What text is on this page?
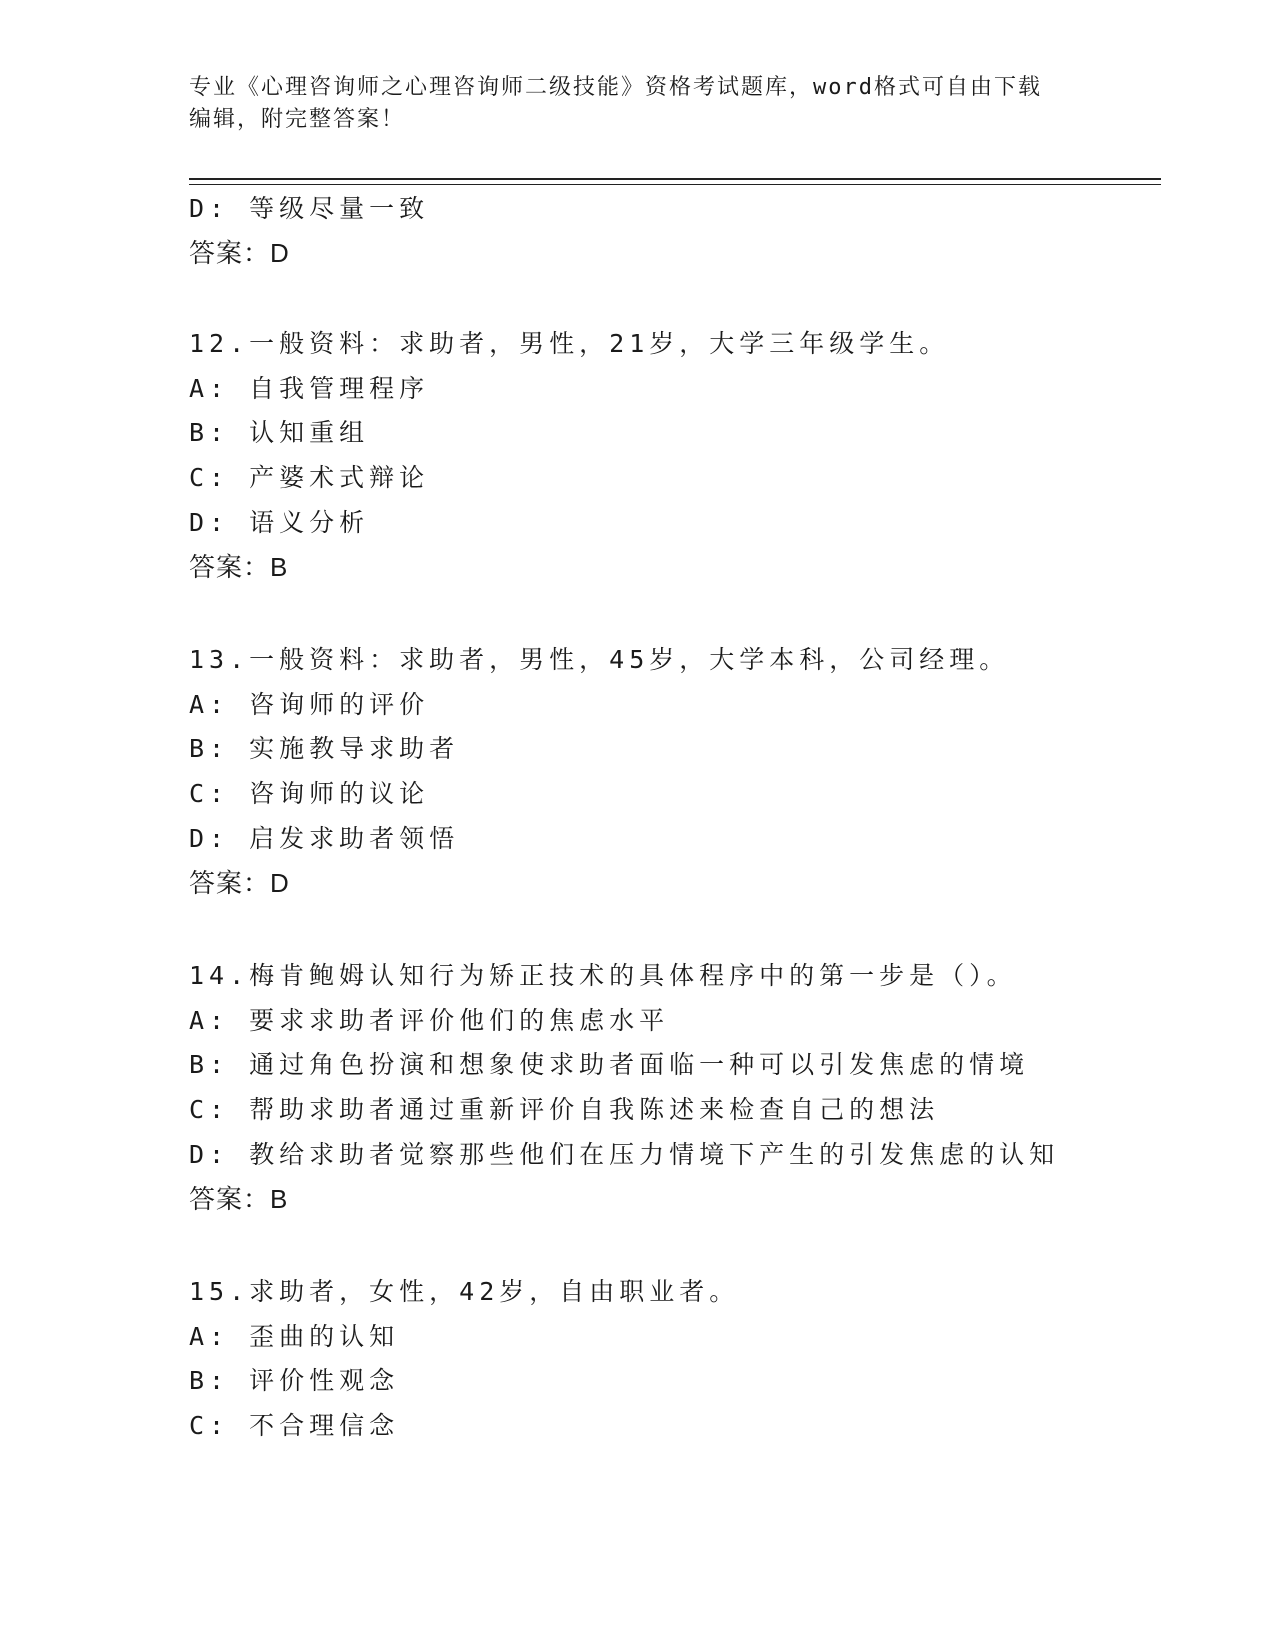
专业《心理咨询师之心理咨询师二级技能》资格考试题库，word格式可自由下载
编辑，附完整答案！
D: 等级尽量一致
答案：D
12.一般资料：求助者，男性，21岁，大学三年级学生。
A: 自我管理程序
B: 认知重组
C: 产婆术式辩论
D: 语义分析
答案：B
13.一般资料：求助者，男性，45岁，大学本科，公司经理。
A: 咨询师的评价
B: 实施教导求助者
C: 咨询师的议论
D: 启发求助者领悟
答案：D
14.梅肯鲍姆认知行为矫正技术的具体程序中的第一步是（）。
A: 要求求助者评价他们的焦虑水平
B: 通过角色扮演和想象使求助者面临一种可以引发焦虑的情境
C: 帮助求助者通过重新评价自我陈述来检查自己的想法
D: 教给求助者觉察那些他们在压力情境下产生的引发焦虑的认知
答案：B
15.求助者，女性，42岁，自由职业者。
A: 歪曲的认知
B: 评价性观念
C: 不合理信念
